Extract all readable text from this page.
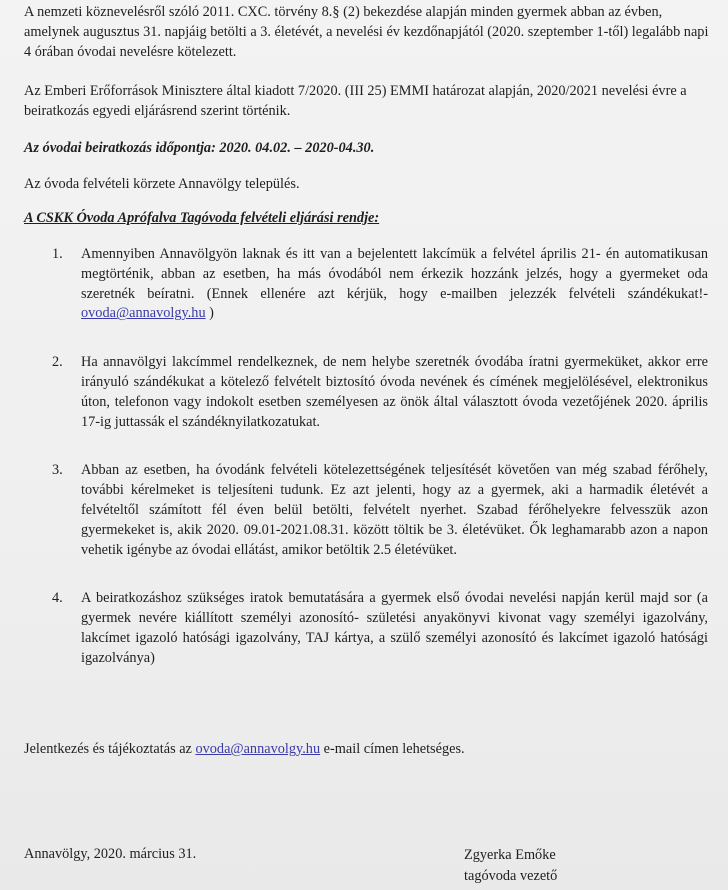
A nemzeti köznevelésről szóló 2011. CXC. törvény 8.§ (2) bekezdése alapján minden gyermek abban az évben, amelynek augusztus 31. napjáig betölti a 3. életévét, a nevelési év kezdőnapjától (2020. szeptember 1-től) legalább napi 4 órában óvodai nevelésre kötelezett.

Az Emberi Erőforrások Minisztere által kiadott 7/2020. (III 25) EMMI határozat alapján, 2020/2021 nevelési évre a beiratkozás egyedi eljárásrend szerint történik.

Az óvodai beiratkozás időpontja: 2020. 04.02. – 2020-04.30.

Az óvoda felvételi körzete Annavölgy település.

A CSKK Óvoda Aprófalva Tagóvoda felvételi eljárási rendje:

1. Amennyiben Annavölgyön laknak és itt van a bejelentett lakcímük a felvétel április 21- én automatikusan megtörténik, abban az esetben, ha más óvodából nem érkezik hozzánk jelzés, hogy a gyermeket oda szeretnék beíratni. (Ennek ellenére azt kérjük, hogy e-mailben jelezzék felvételi szándékukat!- ovoda@annavolgy.hu )
2. Ha annavölgyi lakcímmel rendelkeznek, de nem helybe szeretnék óvodába íratni gyermeküket, akkor erre irányuló szándékukat a kötelező felvételt biztosító óvoda nevének és címének megjelölésével, elektronikus úton, telefonon vagy indokolt esetben személyesen az önök által választott óvoda vezetőjének 2020. április 17-ig juttassák el szándéknyilatkozatukat.
3. Abban az esetben, ha óvodánk felvételi kötelezettségének teljesítését követően van még szabad férőhely, további kérelmeket is teljesíteni tudunk. Ez azt jelenti, hogy az a gyermek, aki a harmadik életévét a felvételtől számított fél éven belül betölti, felvételt nyerhet. Szabad férőhelyekre felvesszük azon gyermekeket is, akik 2020. 09.01-2021.08.31. között töltik be 3. életévüket. Ők leghamarabb azon a napon vehetik igénybe az óvodai ellátást, amikor betöltik 2.5 életévüket.
4. A beiratkozáshoz szükséges iratok bemutatására a gyermek első óvodai nevelési napján kerül majd sor (a gyermek nevére kiállított személyi azonosító- születési anyakönyvi kivonat vagy személyi igazolvány, lakcímet igazoló hatósági igazolvány, TAJ kártya, a szülő személyi azonosító és lakcímet igazoló hatósági igazolványa)

Jelentkezés és tájékoztatás az ovoda@annavolgy.hu e-mail címen lehetséges.

Annavölgy, 2020. március 31.	Zgyerka Emőke
tagóvoda vezető
